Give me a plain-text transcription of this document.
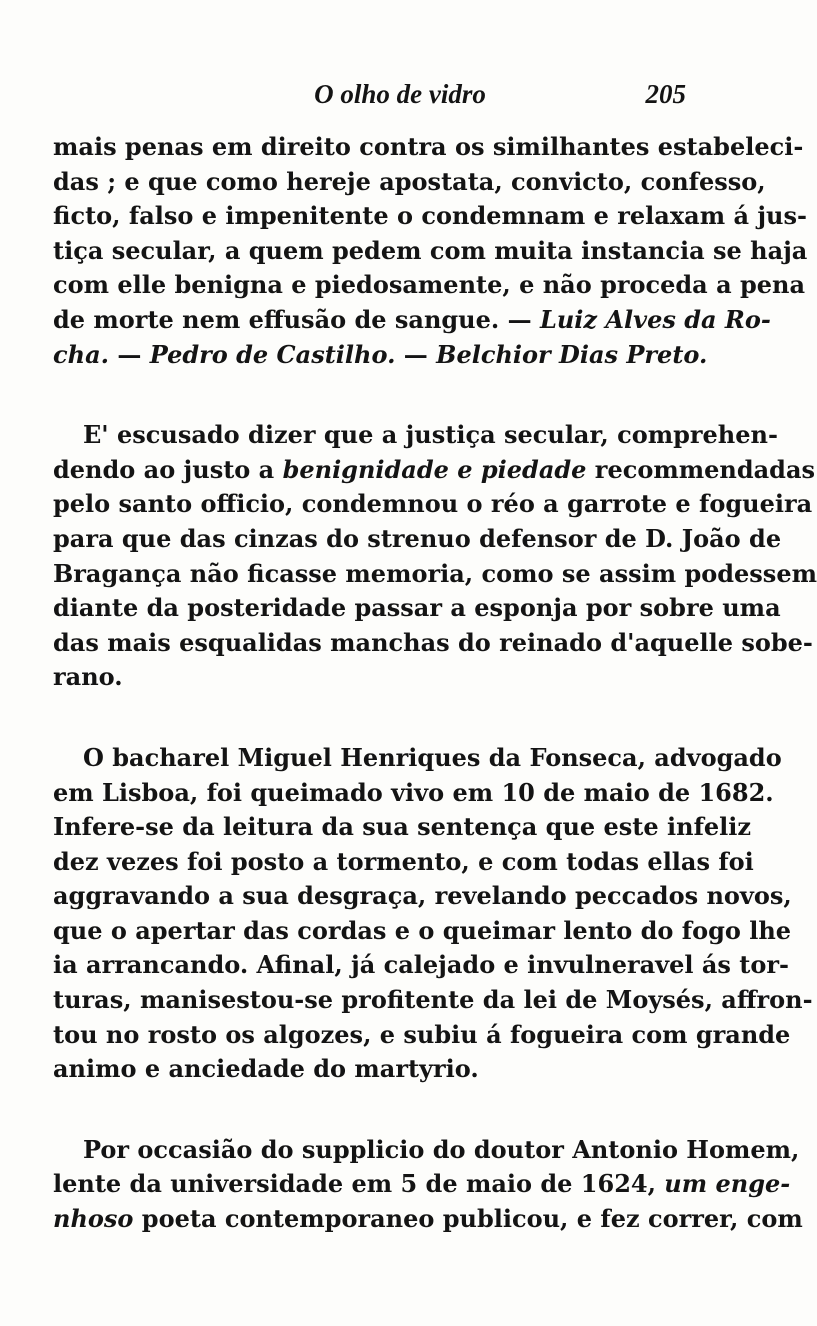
O olho de vidro	205
mais penas em direito contra os similhantes estabeleci-
das ; e que como hereje apostata, convicto, confesso,
ficto, falso e impenitente o condemnam e relaxam á jus-
tiça secular, a quem pedem com muita instancia se haja
com elle benigna e piedosamente, e não proceda a pena
de morte nem effusão de sangue. — Luiz Alves da Ro-
cha. — Pedro de Castilho. — Belchior Dias Preto.
E' escusado dizer que a justiça secular, comprehen-
dendo ao justo a benignidade e piedade recommendadas
pelo santo officio, condemnou o réo a garrote e fogueira
para que das cinzas do strenuo defensor de D. João de
Bragança não ficasse memoria, como se assim podessem
diante da posteridade passar a esponja por sobre uma
das mais esqualidas manchas do reinado d'aquelle sobe-
rano.
O bacharel Miguel Henriques da Fonseca, advogado
em Lisboa, foi queimado vivo em 10 de maio de 1682.
Infere-se da leitura da sua sentença que este infeliz
dez vezes foi posto a tormento, e com todas ellas foi
aggravando a sua desgraça, revelando peccados novos,
que o apertar das cordas e o queimar lento do fogo lhe
ia arrancando. Afinal, já calejado e invulneravel ás tor-
turas, manisestou-se profitente da lei de Moysés, affron-
tou no rosto os algozes, e subiu á fogueira com grande
animo e anciedade do martyrio.
Por occasião do supplicio do doutor Antonio Homem,
lente da universidade em 5 de maio de 1624, um enge-
nhoso poeta contemporaneo publicou, e fez correr, com
